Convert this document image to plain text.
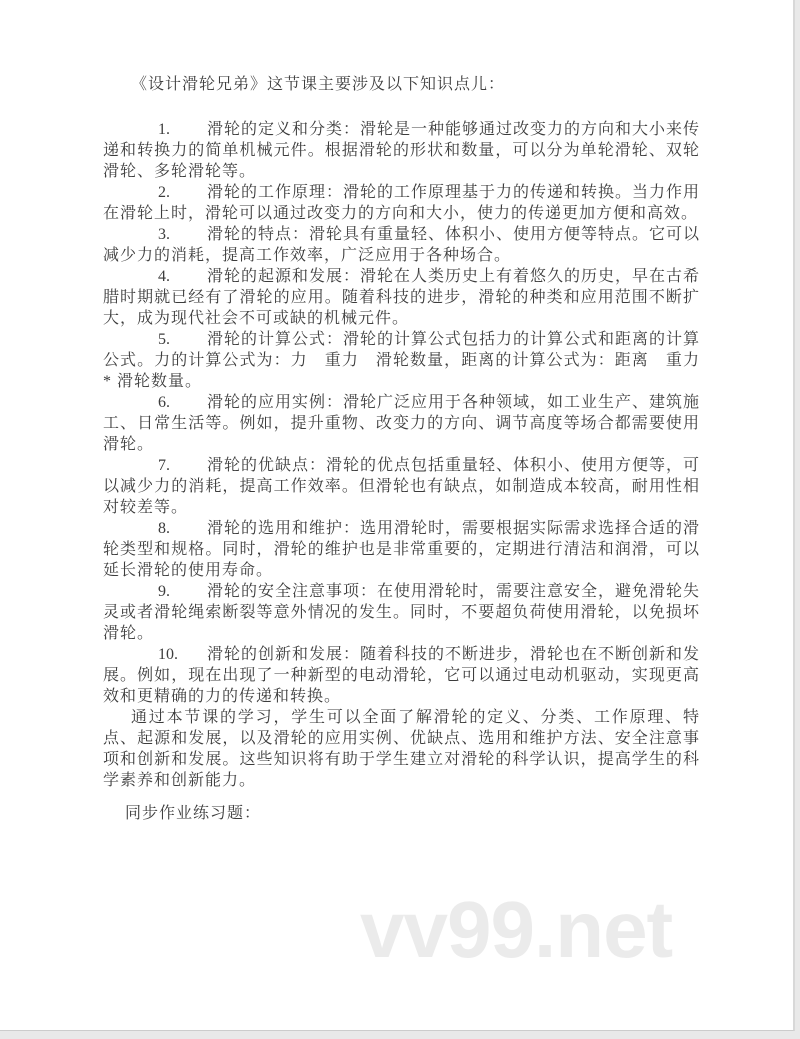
vv99.net

《设计滑轮兄弟》这节课主要涉及以下知识点儿：

1. 滑轮的定义和分类：滑轮是一种能够通过改变力的方向和大小来传递和转换力的简单机械元件。根据滑轮的形状和数量，可以分为单轮滑轮、双轮滑轮、多轮滑轮等。

2. 滑轮的工作原理：滑轮的工作原理基于力的传递和转换。当力作用在滑轮上时，滑轮可以通过改变力的方向和大小，使力的传递更加方便和高效。

3. 滑轮的特点：滑轮具有重量轻、体积小、使用方便等特点。它可以减少力的消耗，提高工作效率，广泛应用于各种场合。

4. 滑轮的起源和发展：滑轮在人类历史上有着悠久的历史，早在古希腊时期就已经有了滑轮的应用。随着科技的进步，滑轮的种类和应用范围不断扩大，成为现代社会不可或缺的机械元件。

5. 滑轮的计算公式：滑轮的计算公式包括力的计算公式和距离的计算公式。力的计算公式为：力　重力　滑轮数量，距离的计算公式为：距离　重力 * 滑轮数量。

6. 滑轮的应用实例：滑轮广泛应用于各种领域，如工业生产、建筑施工、日常生活等。例如，提升重物、改变力的方向、调节高度等场合都需要使用滑轮。

7. 滑轮的优缺点：滑轮的优点包括重量轻、体积小、使用方便等，可以减少力的消耗，提高工作效率。但滑轮也有缺点，如制造成本较高，耐用性相对较差等。

8. 滑轮的选用和维护：选用滑轮时，需要根据实际需求选择合适的滑轮类型和规格。同时，滑轮的维护也是非常重要的，定期进行清洁和润滑，可以延长滑轮的使用寿命。

9. 滑轮的安全注意事项：在使用滑轮时，需要注意安全，避免滑轮失灵或者滑轮绳索断裂等意外情况的发生。同时，不要超负荷使用滑轮，以免损坏滑轮。

10. 滑轮的创新和发展：随着科技的不断进步，滑轮也在不断创新和发展。例如，现在出现了一种新型的电动滑轮，它可以通过电动机驱动，实现更高效和更精确的力的传递和转换。

通过本节课的学习，学生可以全面了解滑轮的定义、分类、工作原理、特点、起源和发展，以及滑轮的应用实例、优缺点、选用和维护方法、安全注意事项和创新和发展。这些知识将有助于学生建立对滑轮的科学认识，提高学生的科学素养和创新能力。

同步作业练习题：
